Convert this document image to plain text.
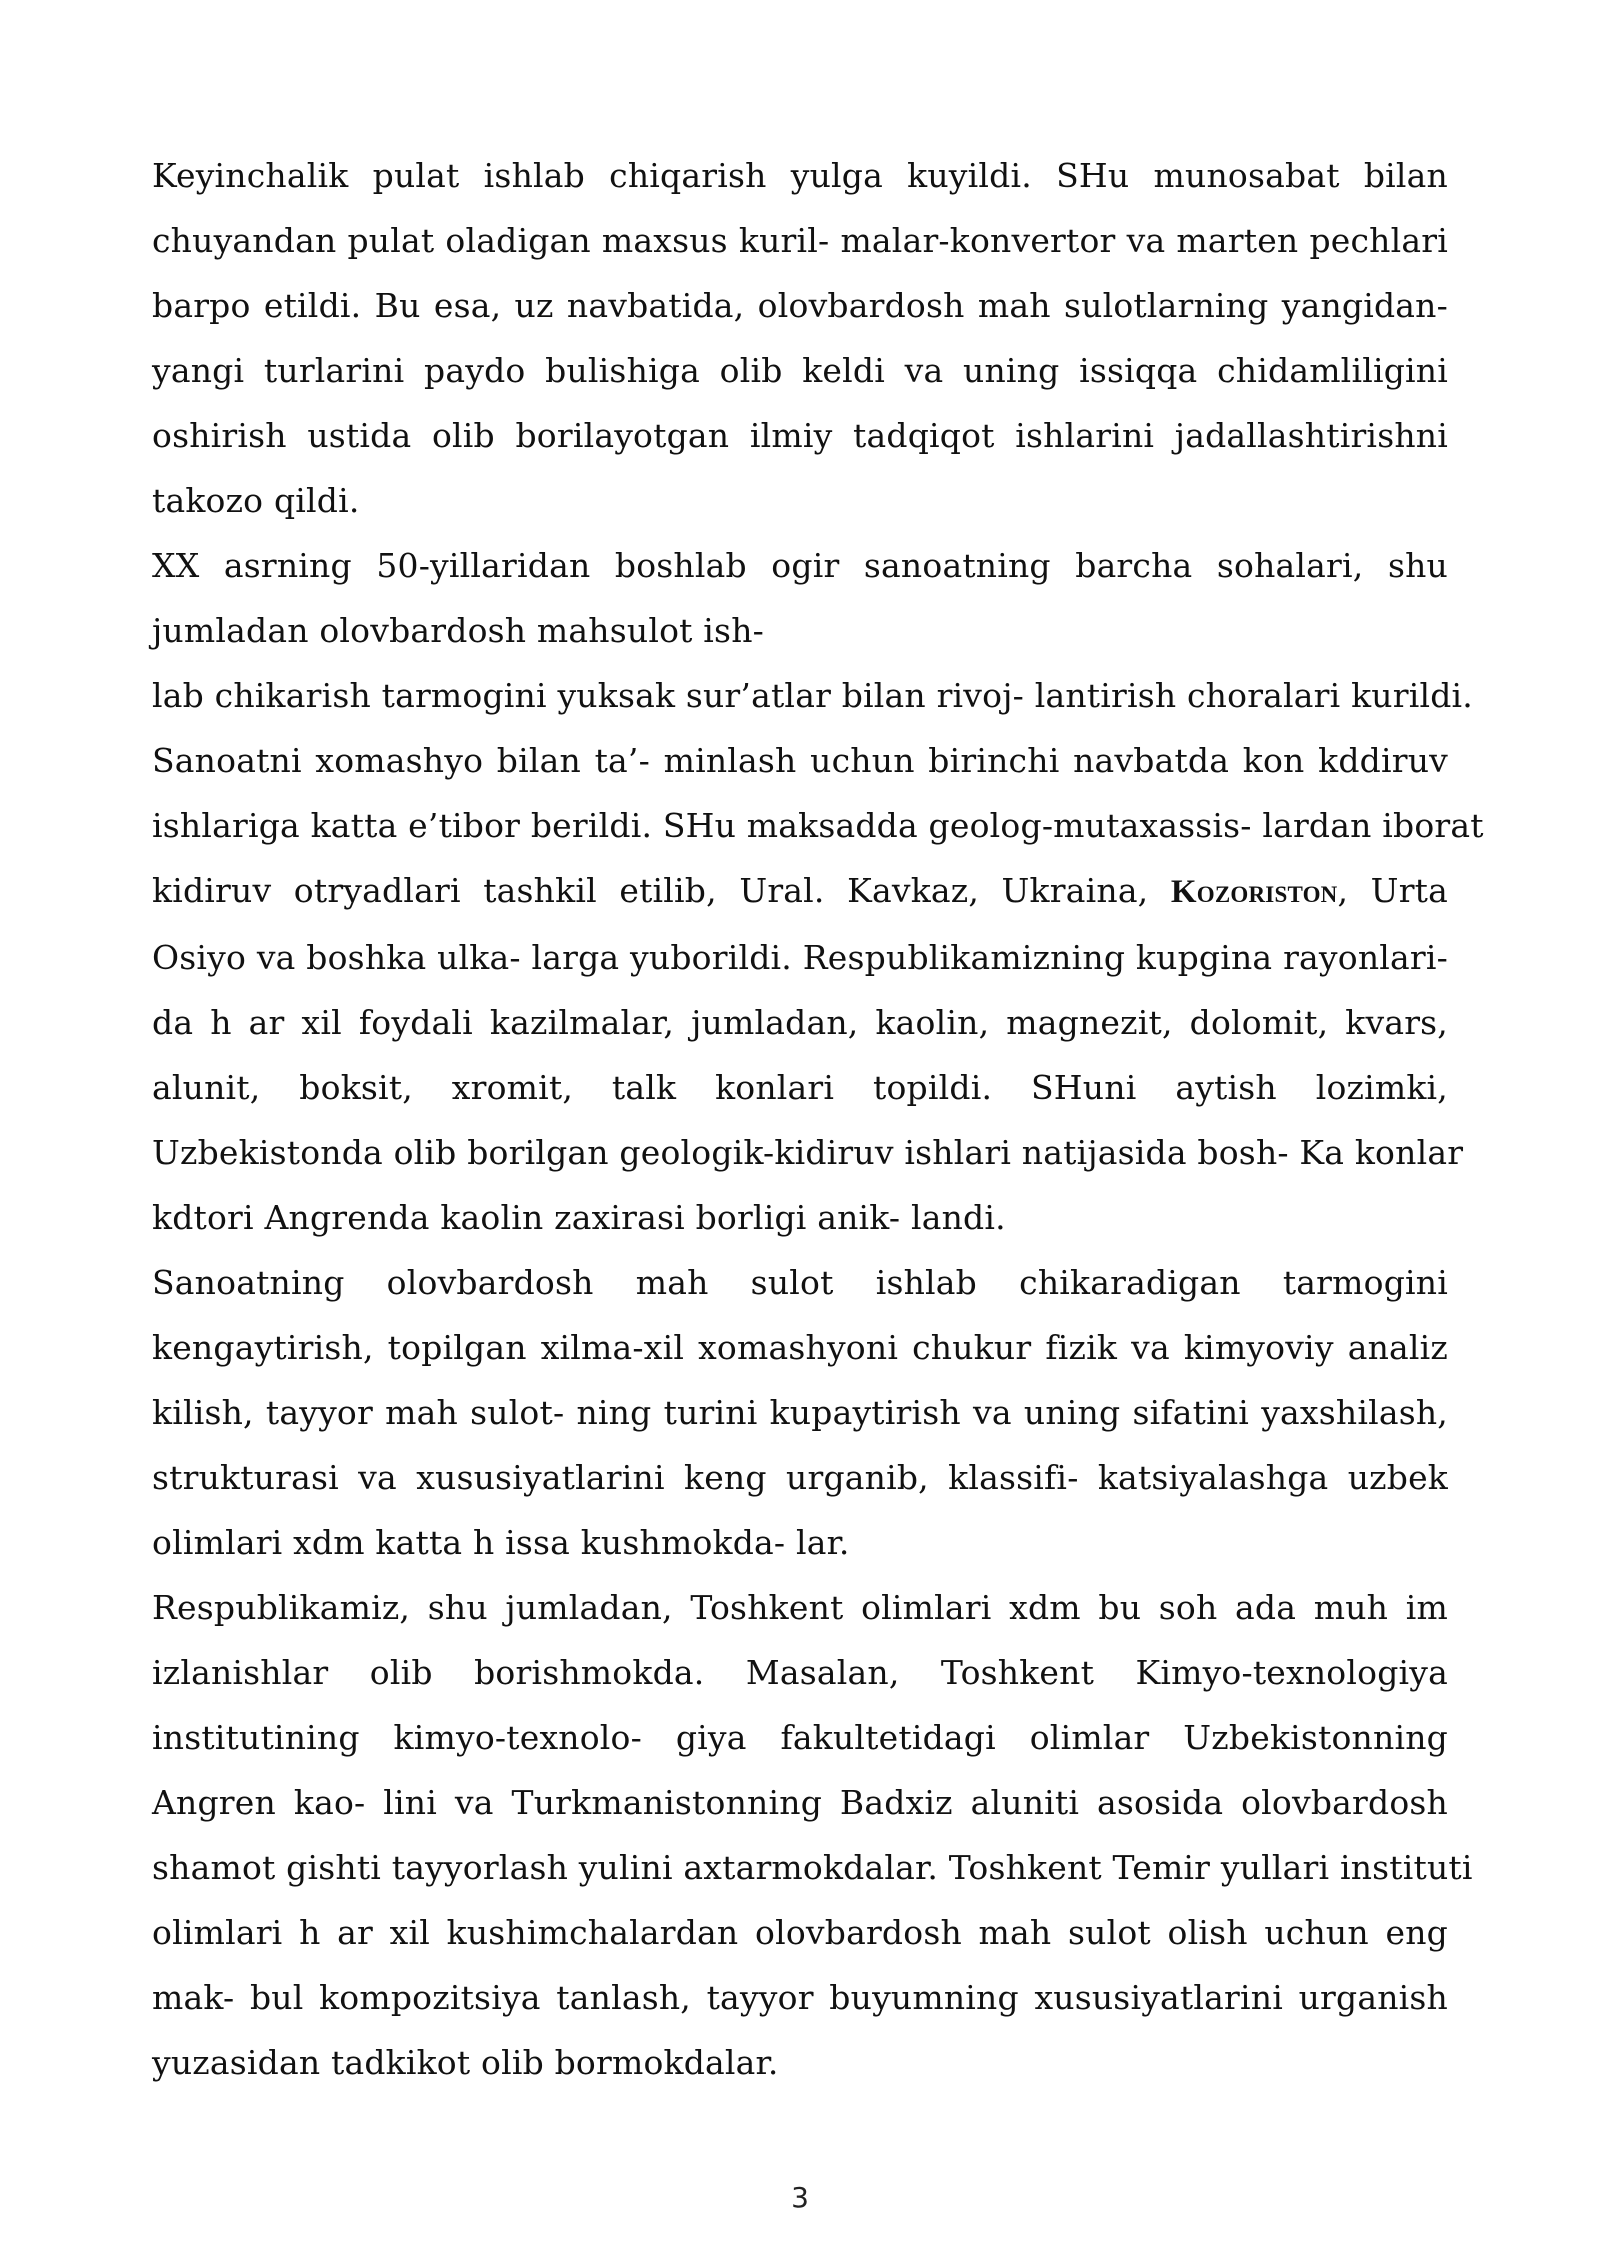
Keyinchalik pulat ishlab chiqarish yulga kuyildi. SHu munosabat bilan
chuyandan pulat oladigan maxsus kuril- malar-konvertor va marten pechlari
barpo etildi. Bu esa, uz navbatida, olovbardosh mah sulotlarning yangidan-
yangi turlarini paydo bulishiga olib keldi va uning issiqqa chidamliligini
oshirish ustida olib borilayotgan ilmiy tadqiqot ishlarini jadallashtirishni
takozo qildi.
XX asrning 50-yillaridan boshlab ogir sanoatning barcha sohalari, shu
jumladan olovbardosh mahsulot ish-
lab chikarish tarmogini yuksak sur’atlar bilan rivoj- lantirish choralari kurildi.
Sanoatni xomashyo bilan ta’- minlash uchun birinchi navbatda kon kddiruv
ishlariga katta e’tibor berildi. SHu maksadda geolog-mutaxassis- lardan iborat
kidiruv otryadlari tashkil etilib, Ural. Kavkaz, Ukraina, Kozoriston, Urta
Osiyo va boshka ulka- larga yuborildi. Respublikamizning kupgina rayonlari-
da h ar xil foydali kazilmalar, jumladan, kaolin, magnezit, dolomit, kvars,
alunit, boksit, xromit, talk konlari topildi. SHuni aytish lozimki,
Uzbekistonda olib borilgan geologik-kidiruv ishlari natijasida bosh- Ka konlar
kdtori Angrenda kaolin zaxirasi borligi anik- landi.
Sanoatning olovbardosh mah sulot ishlab chikaradigan tarmogini
kengaytirish, topilgan xilma-xil xomashyoni chukur fizik va kimyoviy analiz
kilish, tayyor mah sulot- ning turini kupaytirish va uning sifatini yaxshilash,
strukturasi va xususiyatlarini keng urganib, klassifi- katsiyalashga uzbek
olimlari xdm katta h issa kushmokda- lar.
Respublikamiz, shu jumladan, Toshkent olimlari xdm bu soh ada muh im
izlanishlar olib borishmokda. Masalan, Toshkent Kimyo-texnologiya
institutining kimyo-texnolo- giya fakultetidagi olimlar Uzbekistonning
Angren kao- lini va Turkmanistonning Badxiz aluniti asosida olovbardosh
shamot gishti tayyorlash yulini axtarmokdalar. Toshkent Temir yullari instituti
olimlari h ar xil kushimchalardan olovbardosh mah sulot olish uchun eng
mak- bul kompozitsiya tanlash, tayyor buyumning xususiyatlarini urganish
yuzasidan tadkikot olib bormokdalar.
3
